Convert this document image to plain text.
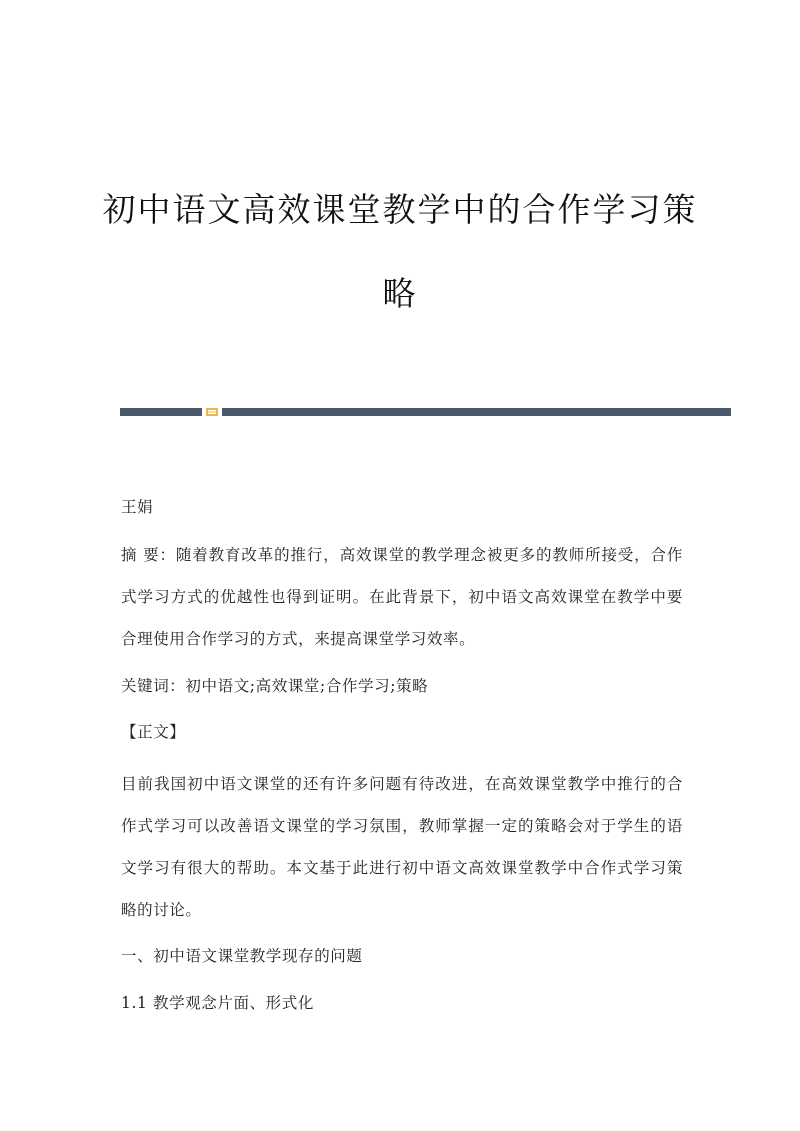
初中语文高效课堂教学中的合作学习策
略
王娟
摘 要：随着教育改革的推行，高效课堂的教学理念被更多的教师所接受，合作式学习方式的优越性也得到证明。在此背景下，初中语文高效课堂在教学中要合理使用合作学习的方式，来提高课堂学习效率。
关键词：初中语文;高效课堂;合作学习;策略
【正文】
目前我国初中语文课堂的还有许多问题有待改进，在高效课堂教学中推行的合作式学习可以改善语文课堂的学习氛围，教师掌握一定的策略会对于学生的语文学习有很大的帮助。本文基于此进行初中语文高效课堂教学中合作式学习策略的讨论。
一、初中语文课堂教学现存的问题
1.1 教学观念片面、形式化
